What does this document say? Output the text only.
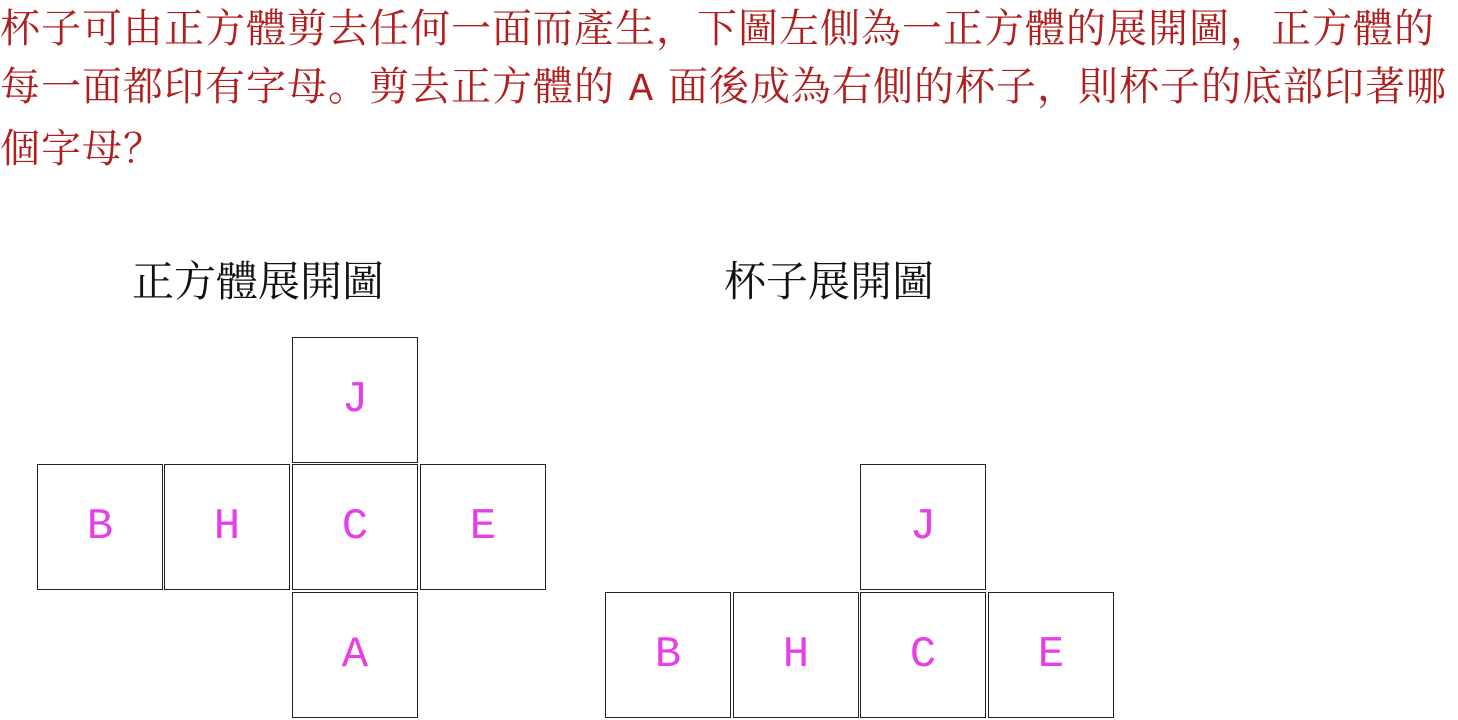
杯子可由正方體剪去任何一面而產生，下圖左側為一正方體的展開圖，正方體的每一面都印有字母。剪去正方體的 A 面後成為右側的杯子，則杯子的底部印著哪個字母？

正方體展開圖	杯子展開圖
J
B	H	C	E
A
J
B	H	C	E
